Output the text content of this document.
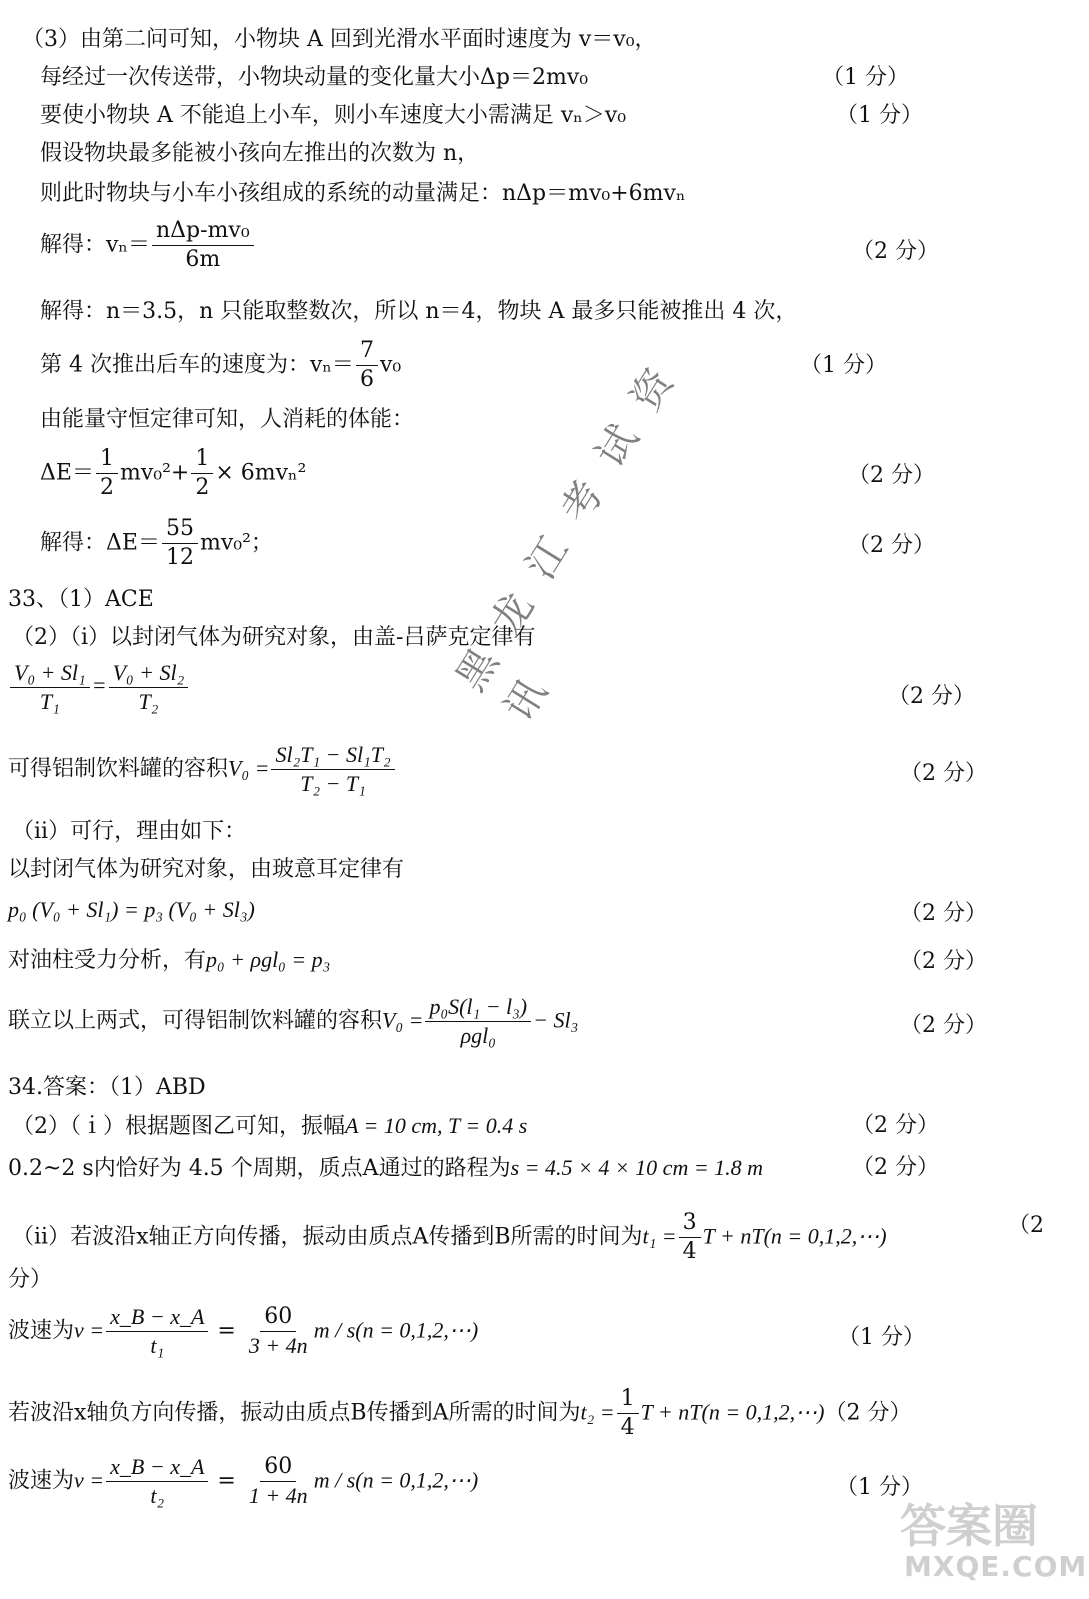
（3）由第二问可知，小物块 A 回到光滑水平面时速度为 v＝v₀，
每经过一次传送带，小物块动量的变化量大小Δp＝2mv₀	（1 分）
要使小物块 A 不能追上小车，则小车速度大小需满足 vₙ＞v₀	（1 分）
假设物块最多能被小孩向左推出的次数为 n，
则此时物块与小车小孩组成的系统的动量满足：nΔp＝mv₀+6mvₙ
解得：$v_n= \frac{\text{nΔp-mv₀}}{6m}$	（2 分）
解得：n＝3.5，n 只能取整数次，所以 n＝4，物块 A 最多只能被推出 4 次，
第 4 次推出后车的速度为：$v_n= \frac{7}{6} v_0$	（1 分）
由能量守恒定律可知，人消耗的体能：
$\Delta E= \frac{1}{2} mv_0^2+ \frac{1}{2} \times 6mv_n^2$	（2 分）
解得：$\Delta E= \frac{55}{12} mv_0^2$；	（2 分）
33、（1）ACE
（2）（i）以封闭气体为研究对象，由盖-吕萨克定律有
$\frac{\text{V₀ + Sl₁}}{\text{T₁}} = \frac{\text{V₀ + Sl₂}}{\text{T₂}}$	（2 分）
可得铝制饮料罐的容积$V_0 = \frac{\text{Sl₂T₁ − Sl₁T₂}}{\text{T₂ − T₁}}$	（2 分）
（ii）可行，理由如下：
以封闭气体为研究对象，由玻意耳定律有
p₀ (V₀ + Sl₁) = p₃ (V₀ + Sl₃)	（2 分）
对油柱受力分析，有p₀ + ρgl₀ = p₃	（2 分）
联立以上两式，可得铝制饮料罐的容积$V_0 = \frac{\text{p₀S(l₁ − l₃)}}{\text{ρgl₀}} - Sl_3$	（2 分）
34.答案：（1）ABD
（2）（ｉ）根据题图乙可知，振幅A = 10 cm, T = 0.4 s	（2 分）
0.2~2 s内恰好为 4.5 个周期，质点A通过的路程为s = 4.5 × 4 × 10 cm = 1.8 m	（2 分）
（ii）若波沿x轴正方向传播，振动由质点A传播到B所需的时间为$t_1 = \frac{3}{4}$ T + nT(n = 0,1,2,⋯)	（2
分）
波速为$v = \frac{x\_B - x\_A}{\text{t₁}} = \frac{60}{3 + 4n}$ m / s(n = 0,1,2,⋯)	（1 分）
若波沿x轴负方向传播，振动由质点B传播到A所需的时间为$t_2 = \frac{1}{4}$ T + nT(n = 0,1,2,⋯)（2 分）
波速为$v = \frac{x\_B - x\_A}{\text{t₂}} = \frac{60}{1 + 4n}$ m / s(n = 0,1,2,⋯)	（1 分）
黑龙江考试资讯
答案圈
MXQE.COM
